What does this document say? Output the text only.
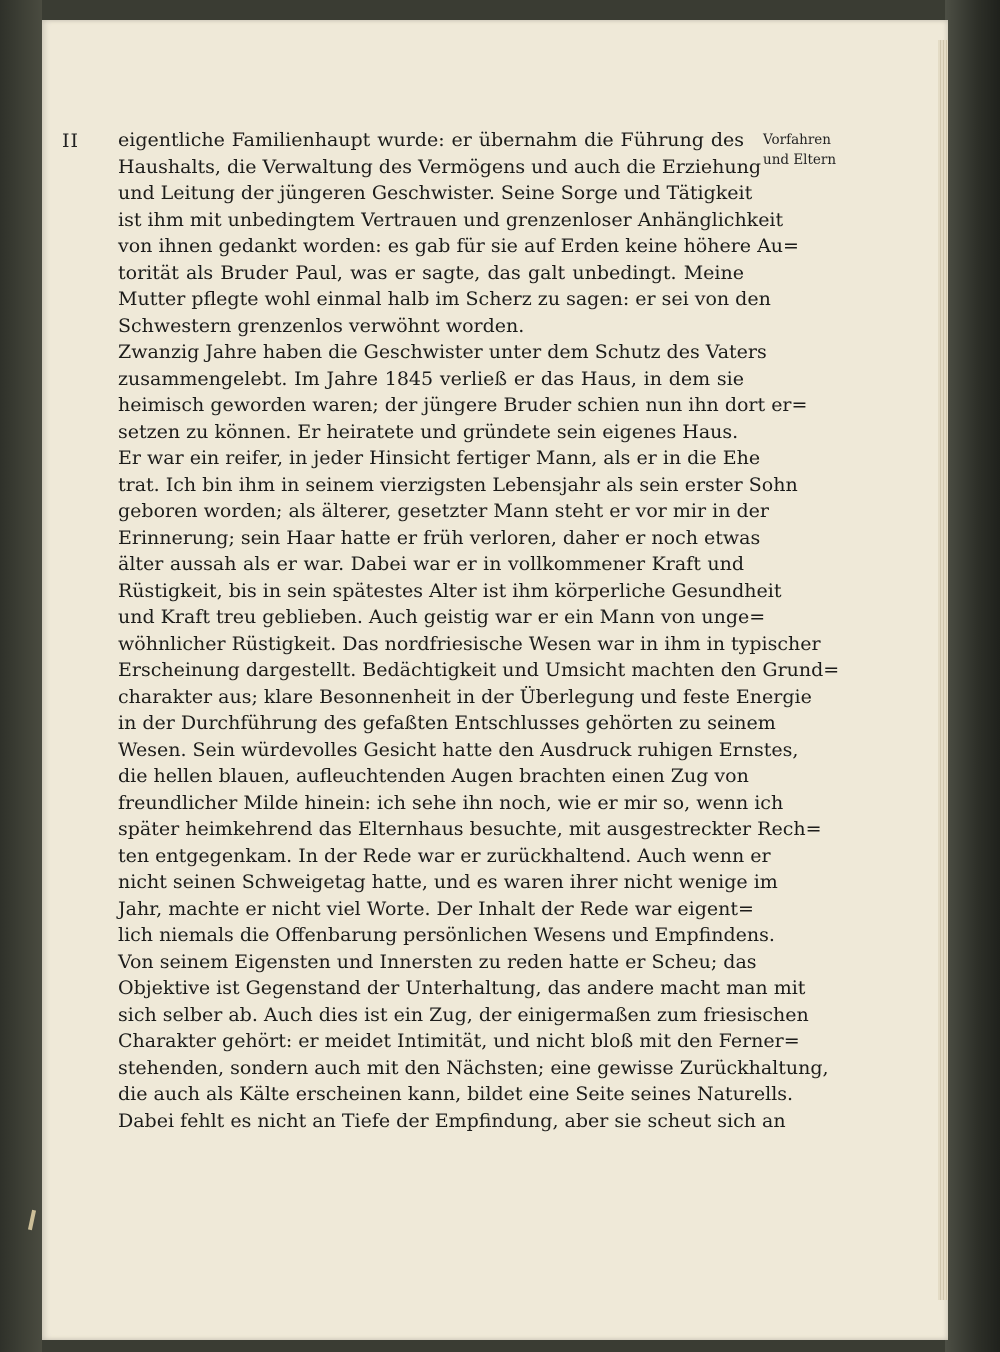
II	Vorfahren
und Eltern
eigentliche Familienhaupt wurde: er übernahm die Führung des
Haushalts, die Verwaltung des Vermögens und auch die Erziehung
und Leitung der jüngeren Geschwister. Seine Sorge und Tätigkeit
ist ihm mit unbedingtem Vertrauen und grenzenloser Anhänglichkeit
von ihnen gedankt worden: es gab für sie auf Erden keine höhere Au=
torität als Bruder Paul, was er sagte, das galt unbedingt. Meine
Mutter pflegte wohl einmal halb im Scherz zu sagen: er sei von den
Schwestern grenzenlos verwöhnt worden.
Zwanzig Jahre haben die Geschwister unter dem Schutz des Vaters
zusammengelebt. Im Jahre 1845 verließ er das Haus, in dem sie
heimisch geworden waren; der jüngere Bruder schien nun ihn dort er=
setzen zu können. Er heiratete und gründete sein eigenes Haus.
Er war ein reifer, in jeder Hinsicht fertiger Mann, als er in die Ehe
trat. Ich bin ihm in seinem vierzigsten Lebensjahr als sein erster Sohn
geboren worden; als älterer, gesetzter Mann steht er vor mir in der
Erinnerung; sein Haar hatte er früh verloren, daher er noch etwas
älter aussah als er war. Dabei war er in vollkommener Kraft und
Rüstigkeit, bis in sein spätestes Alter ist ihm körperliche Gesundheit
und Kraft treu geblieben. Auch geistig war er ein Mann von unge=
wöhnlicher Rüstigkeit. Das nordfriesische Wesen war in ihm in typischer
Erscheinung dargestellt. Bedächtigkeit und Umsicht machten den Grund=
charakter aus; klare Besonnenheit in der Überlegung und feste Energie
in der Durchführung des gefaßten Entschlusses gehörten zu seinem
Wesen. Sein würdevolles Gesicht hatte den Ausdruck ruhigen Ernstes,
die hellen blauen, aufleuchtenden Augen brachten einen Zug von
freundlicher Milde hinein: ich sehe ihn noch, wie er mir so, wenn ich
später heimkehrend das Elternhaus besuchte, mit ausgestreckter Rech=
ten entgegenkam. In der Rede war er zurückhaltend. Auch wenn er
nicht seinen Schweigetag hatte, und es waren ihrer nicht wenige im
Jahr, machte er nicht viel Worte. Der Inhalt der Rede war eigent=
lich niemals die Offenbarung persönlichen Wesens und Empfindens.
Von seinem Eigensten und Innersten zu reden hatte er Scheu; das
Objektive ist Gegenstand der Unterhaltung, das andere macht man mit
sich selber ab. Auch dies ist ein Zug, der einigermaßen zum friesischen
Charakter gehört: er meidet Intimität, und nicht bloß mit den Ferner=
stehenden, sondern auch mit den Nächsten; eine gewisse Zurückhaltung,
die auch als Kälte erscheinen kann, bildet eine Seite seines Naturells.
Dabei fehlt es nicht an Tiefe der Empfindung, aber sie scheut sich an
